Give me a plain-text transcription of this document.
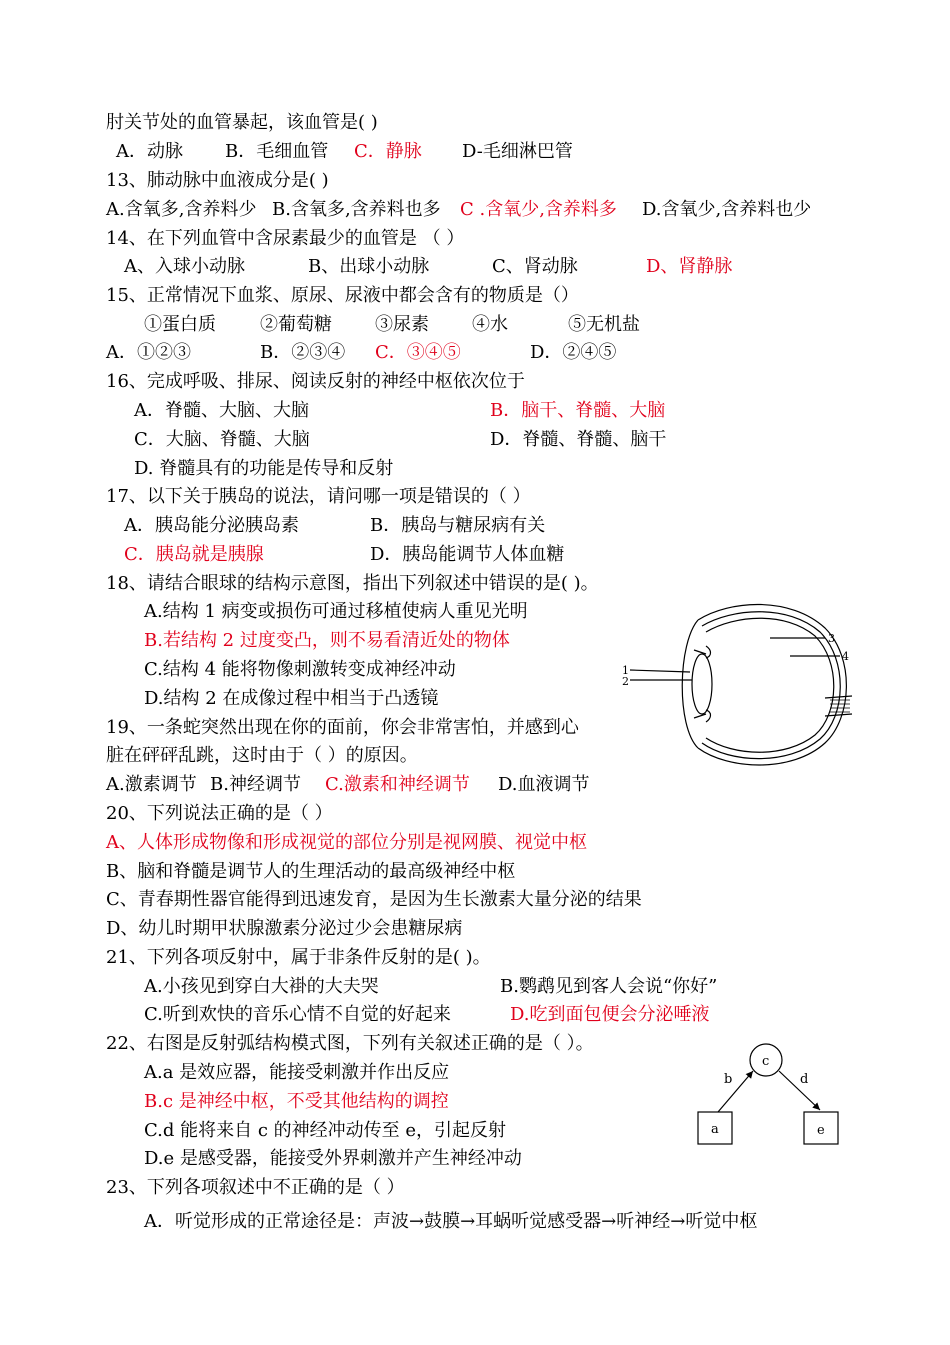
肘关节处的血管暴起，该血管是( )
A．动脉 B．毛细血管 C．静脉 D-毛细淋巴管
13、肺动脉中血液成分是( )
A.含氧多,含养料少 B.含氧多,含养料也多 C .含氧少,含养料多 D.含氧少,含养料也少
14、在下列血管中含尿素最少的血管是 （ ）
A、入球小动脉	B、出球小动脉	C、肾动脉	D、肾静脉
15、正常情况下血浆、原尿、尿液中都会含有的物质是（）
①蛋白质 ②葡萄糖 ③尿素 ④水	⑤无机盐
A．①②③	B．②③④ C．③④⑤	D．②④⑤
16、完成呼吸、排尿、阅读反射的神经中枢依次位于
A．脊髓、大脑、大脑	B．脑干、脊髓、大脑
C．大脑、脊髓、大脑	D．脊髓、脊髓、脑干
D. 脊髓具有的功能是传导和反射
17、以下关于胰岛的说法，请问哪一项是错误的（ ）
A．胰岛能分泌胰岛素	B．胰岛与糖尿病有关
C．胰岛就是胰腺	D．胰岛能调节人体血糖
18、请结合眼球的结构示意图，指出下列叙述中错误的是( )。
A.结构 1 病变或损伤可通过移植使病人重见光明
B.若结构 2 过度变凸，则不易看清近处的物体
C.结构 4 能将物像刺激转变成神经冲动
D.结构 2 在成像过程中相当于凸透镜
1
2
3
4
19、一条蛇突然出现在你的面前，你会非常害怕，并感到心
脏在砰砰乱跳，这时由于（ ）的原因。
A.激素调节 B.神经调节 C.激素和神经调节 D.血液调节
20、下列说法正确的是（ ）
A、人体形成物像和形成视觉的部位分别是视网膜、视觉中枢
B、脑和脊髓是调节人的生理活动的最高级神经中枢
C、青春期性器官能得到迅速发育，是因为生长激素大量分泌的结果
D、幼儿时期甲状腺激素分泌过少会患糖尿病
21、下列各项反射中，属于非条件反射的是( )。
A.小孩见到穿白大褂的大夫哭	B.鹦鹉见到客人会说“你好”
C.听到欢快的音乐心情不自觉的好起来	D.吃到面包便会分泌唾液
22、右图是反射弧结构模式图，下列有关叙述正确的是（ ）。
A.a 是效应器，能接受刺激并作出反应
B.c 是神经中枢，不受其他结构的调控
C.d 能将来自 c 的神经冲动传至 e，引起反射
D.e 是感受器，能接受外界刺激并产生神经冲动
c
a	e
b	d
23、下列各项叙述中不正确的是（ ）
A．听觉形成的正常途径是：声波→鼓膜→耳蜗听觉感受器→听神经→听觉中枢
